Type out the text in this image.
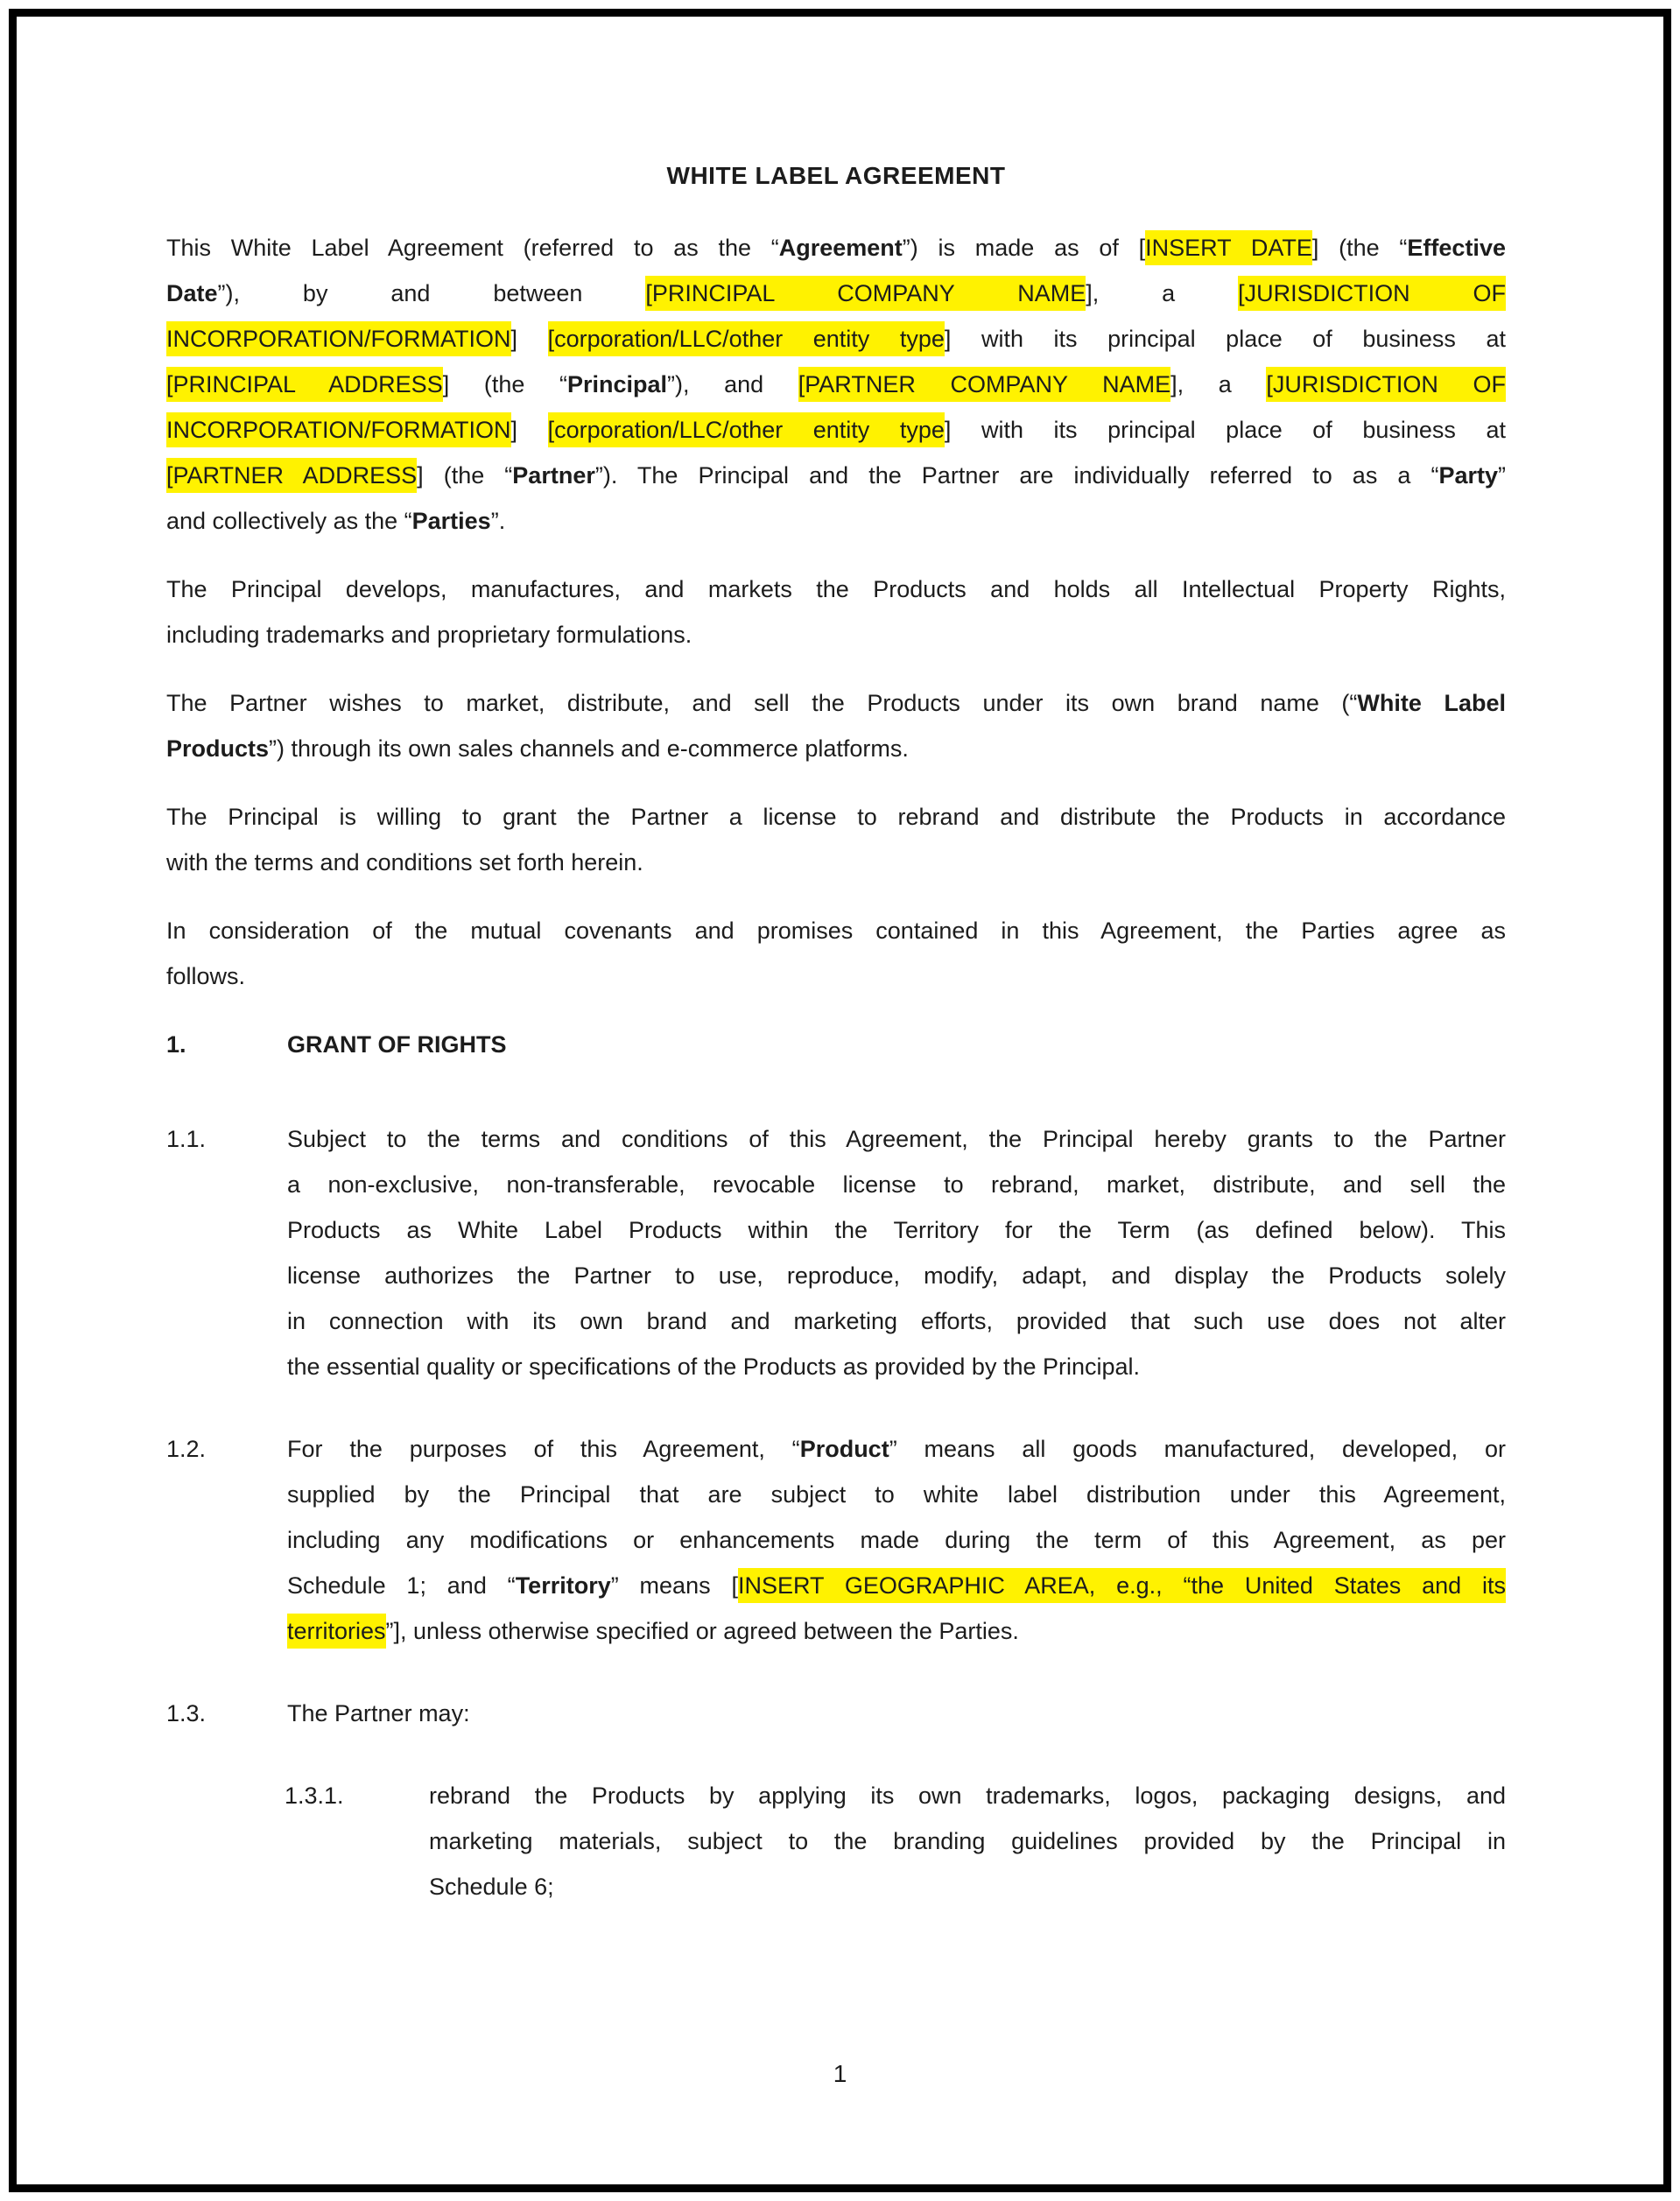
WHITE LABEL AGREEMENT
This White Label Agreement (referred to as the “Agreement”) is made as of [INSERT DATE] (the “Effective
Date”), by and between [PRINCIPAL COMPANY NAME], a [JURISDICTION OF
INCORPORATION/FORMATION] [corporation/LLC/other entity type] with its principal place of business at
[PRINCIPAL ADDRESS] (the “Principal”), and [PARTNER COMPANY NAME], a [JURISDICTION OF
INCORPORATION/FORMATION] [corporation/LLC/other entity type] with its principal place of business at
[PARTNER ADDRESS] (the “Partner”). The Principal and the Partner are individually referred to as a “Party”
and collectively as the “Parties”.
The Principal develops, manufactures, and markets the Products and holds all Intellectual Property Rights,
including trademarks and proprietary formulations.
The Partner wishes to market, distribute, and sell the Products under its own brand name (“White Label
Products”) through its own sales channels and e-commerce platforms.
The Principal is willing to grant the Partner a license to rebrand and distribute the Products in accordance
with the terms and conditions set forth herein.
In consideration of the mutual covenants and promises contained in this Agreement, the Parties agree as
follows.
1.	GRANT OF RIGHTS
1.1.	Subject to the terms and conditions of this Agreement, the Principal hereby grants to the Partner
a non-exclusive, non-transferable, revocable license to rebrand, market, distribute, and sell the
Products as White Label Products within the Territory for the Term (as defined below). This
license authorizes the Partner to use, reproduce, modify, adapt, and display the Products solely
in connection with its own brand and marketing efforts, provided that such use does not alter
the essential quality or specifications of the Products as provided by the Principal.
1.2.	For the purposes of this Agreement, “Product” means all goods manufactured, developed, or
supplied by the Principal that are subject to white label distribution under this Agreement,
including any modifications or enhancements made during the term of this Agreement, as per
Schedule 1; and “Territory” means [INSERT GEOGRAPHIC AREA, e.g., “the United States and its
territories”], unless otherwise specified or agreed between the Parties.
1.3.	The Partner may:
1.3.1.	rebrand the Products by applying its own trademarks, logos, packaging designs, and
marketing materials, subject to the branding guidelines provided by the Principal in
Schedule 6;
1
